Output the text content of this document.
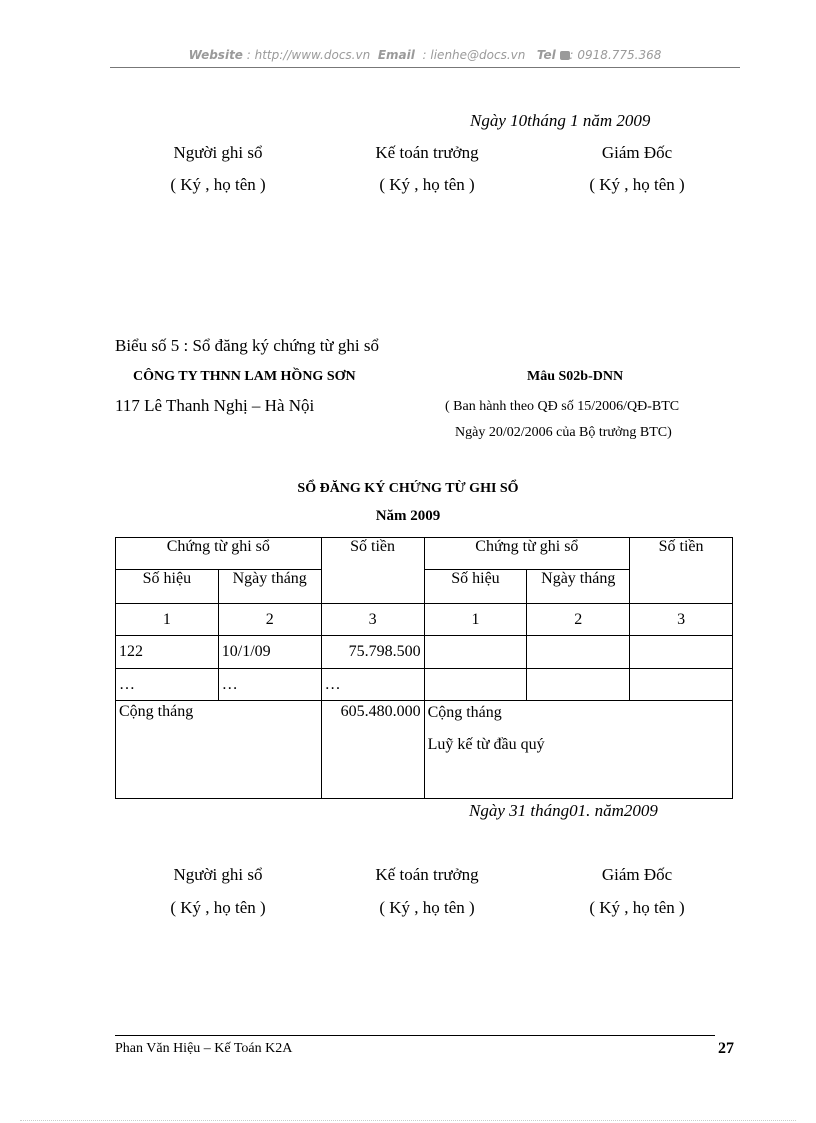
Website : http://www.docs.vn Email : lienhe@docs.vn Tel : 0918.775.368
Ngày 10tháng 1 năm 2009
Người ghi sổ	Kế toán trưởng	Giám Đốc
( Ký , họ tên )	( Ký , họ tên )	( Ký , họ tên )
Biểu số 5 : Sổ đăng ký chứng từ ghi sổ
CÔNG TY THNN LAM HỒNG SƠN
117 Lê Thanh Nghị – Hà Nội
Mâu S02b-DNN
( Ban hành theo QĐ số 15/2006/QĐ-BTC
Ngày 20/02/2006 của Bộ trưởng BTC)
SỔ ĐĂNG KÝ CHỨNG TỪ GHI SỔ
Năm 2009
Chứng từ ghi sổ		Số tiền	Chứng từ ghi sổ		Số tiền
Số hiệu	Ngày tháng		Số hiệu	Ngày tháng	
1	2	3	1	2	3
122	10/1/09	75.798.500			
…	…	…			
Cộng tháng		605.480.000	Cộng tháng
Luỹ kế từ đầu quý		
Ngày 31 tháng01. năm2009
Người ghi sổ	Kế toán trưởng	Giám Đốc
( Ký , họ tên )	( Ký , họ tên )	( Ký , họ tên )
Phan Văn Hiệu – Kế Toán K2A	27
